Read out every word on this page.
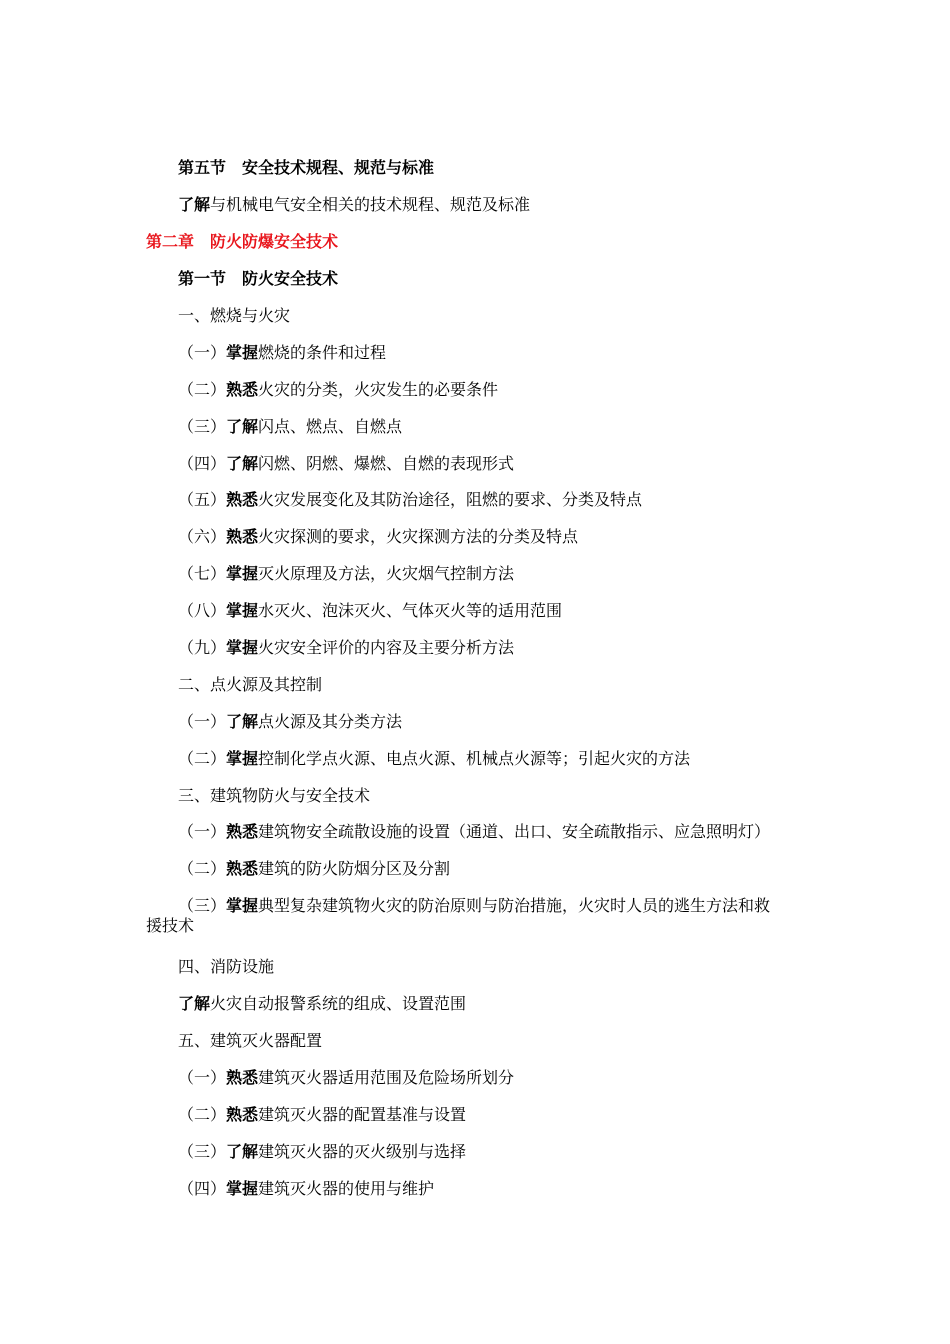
第五节　安全技术规程、规范与标准
了解与机械电气安全相关的技术规程、规范及标准
第二章　防火防爆安全技术
第一节　防火安全技术
一、燃烧与火灾
（一）掌握燃烧的条件和过程
（二）熟悉火灾的分类，火灾发生的必要条件
（三）了解闪点、燃点、自燃点
（四）了解闪燃、阴燃、爆燃、自燃的表现形式
（五）熟悉火灾发展变化及其防治途径，阻燃的要求、分类及特点
（六）熟悉火灾探测的要求，火灾探测方法的分类及特点
（七）掌握灭火原理及方法，火灾烟气控制方法
（八）掌握水灭火、泡沫灭火、气体灭火等的适用范围
（九）掌握火灾安全评价的内容及主要分析方法
二、点火源及其控制
（一）了解点火源及其分类方法
（二）掌握控制化学点火源、电点火源、机械点火源等；引起火灾的方法
三、建筑物防火与安全技术
（一）熟悉建筑物安全疏散设施的设置（通道、出口、安全疏散指示、应急照明灯）
（二）熟悉建筑的防火防烟分区及分割
（三）掌握典型复杂建筑物火灾的防治原则与防治措施，火灾时人员的逃生方法和救援技术
四、消防设施
了解火灾自动报警系统的组成、设置范围
五、建筑灭火器配置
（一）熟悉建筑灭火器适用范围及危险场所划分
（二）熟悉建筑灭火器的配置基准与设置
（三）了解建筑灭火器的灭火级别与选择
（四）掌握建筑灭火器的使用与维护
